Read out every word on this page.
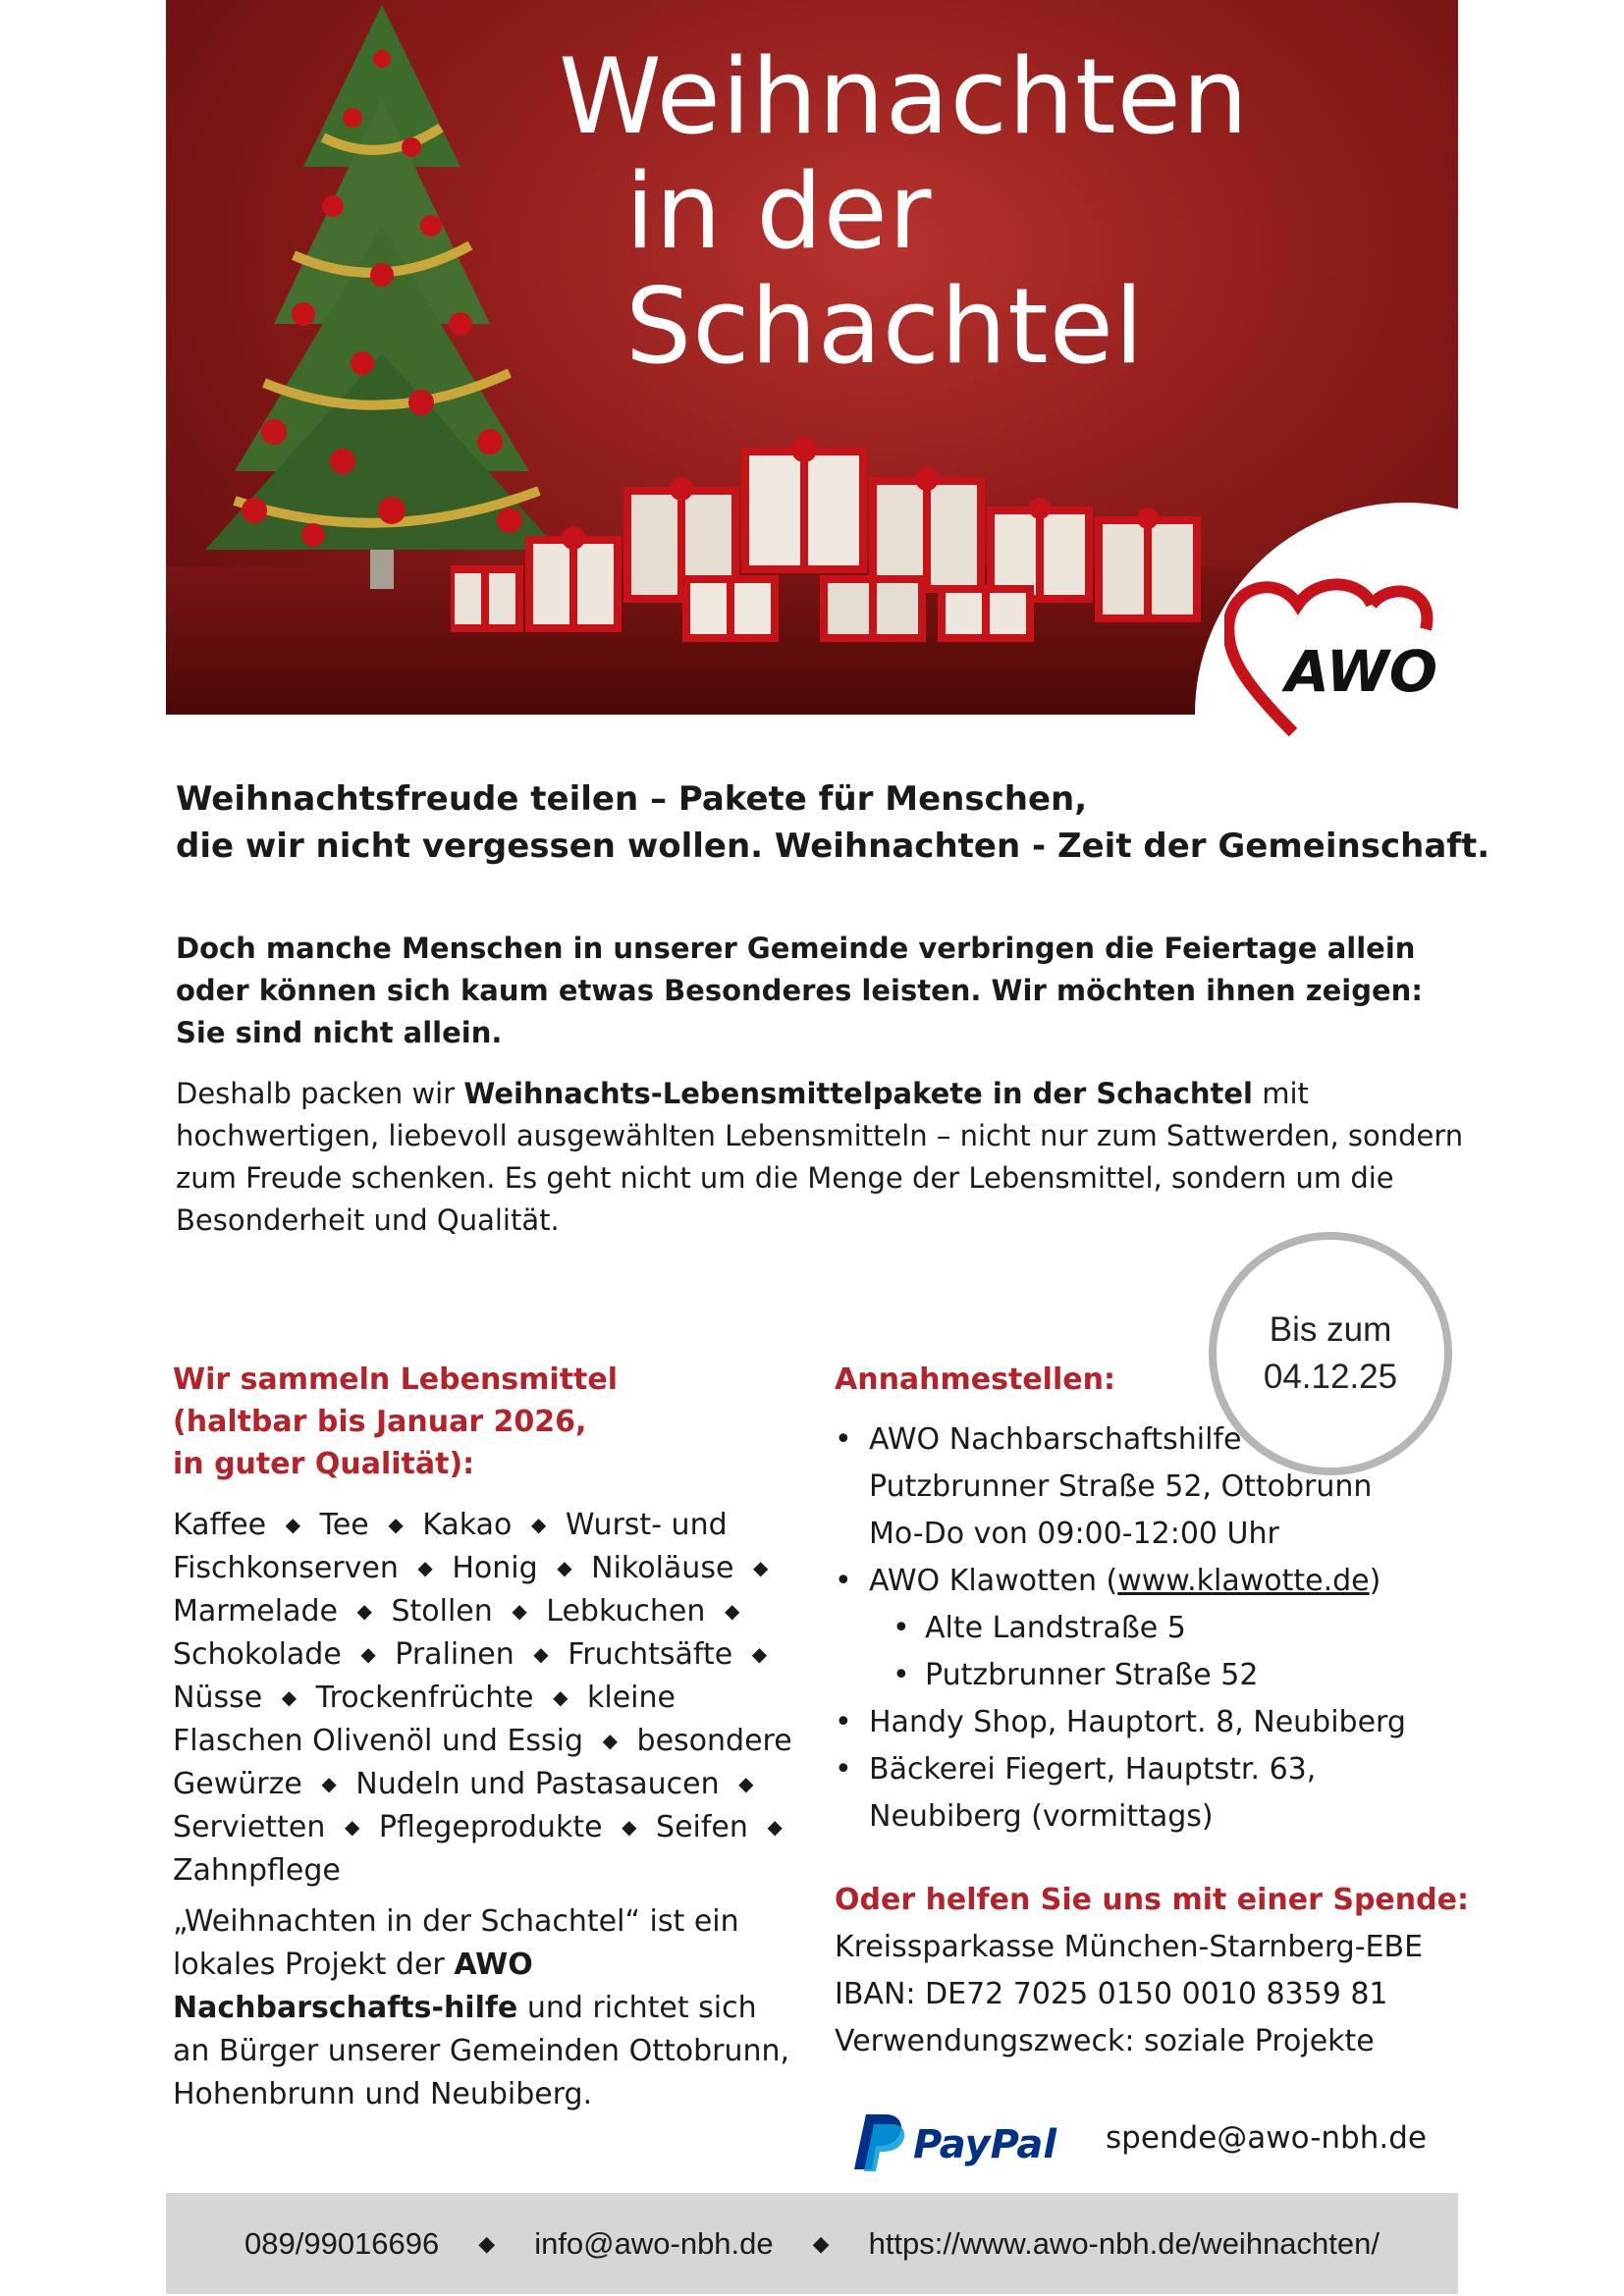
Weihnachten
in der Schachtel
AWO
Weihnachtsfreude teilen – Pakete für Menschen,
die wir nicht vergessen wollen. Weihnachten - Zeit der Gemeinschaft.
Doch manche Menschen in unserer Gemeinde verbringen die Feiertage allein oder können sich kaum etwas Besonderes leisten. Wir möchten ihnen zeigen: Sie sind nicht allein.
Deshalb packen wir Weihnachts-Lebensmittelpakete in der Schachtel mit hochwertigen, liebevoll ausgewählten Lebensmitteln – nicht nur zum Sattwerden, sondern zum Freude schenken. Es geht nicht um die Menge der Lebensmittel, sondern um die Besonderheit und Qualität.
Bis zum
04.12.25
Wir sammeln Lebensmittel
(haltbar bis Januar 2026,
in guter Qualität):
Kaffee ◆ Tee ◆ Kakao ◆ Wurst- und Fischkonserven ◆ Honig ◆ Nikoläuse ◆ Marmelade ◆ Stollen ◆ Lebkuchen ◆ Schokolade ◆ Pralinen ◆ Fruchtsäfte ◆ Nüsse ◆ Trockenfrüchte ◆ kleine Flaschen Olivenöl und Essig ◆ besondere Gewürze ◆ Nudeln und Pastasaucen ◆ Servietten ◆ Pflegeprodukte ◆ Seifen ◆ Zahnpflege
„Weihnachten in der Schachtel“ ist ein lokales Projekt der AWO Nachbarschafts-hilfe und richtet sich an Bürger unserer Gemeinden Ottobrunn, Hohenbrunn und Neubiberg.
Annahmestellen:
• AWO Nachbarschaftshilfe
Putzbrunner Straße 52, Ottobrunn
Mo-Do von 09:00-12:00 Uhr
• AWO Klawotten (www.klawotte.de)
• Alte Landstraße 5
• Putzbrunner Straße 52
• Handy Shop, Hauptort. 8, Neubiberg
• Bäckerei Fiegert, Hauptstr. 63,
Neubiberg (vormittags)
Oder helfen Sie uns mit einer Spende:
Kreissparkasse München-Starnberg-EBE
IBAN: DE72 7025 0150 0010 8359 81
Verwendungszweck: soziale Projekte
PayPal spende@awo-nbh.de
089/99016696 ◆ info@awo-nbh.de ◆ https://www.awo-nbh.de/weihnachten/
